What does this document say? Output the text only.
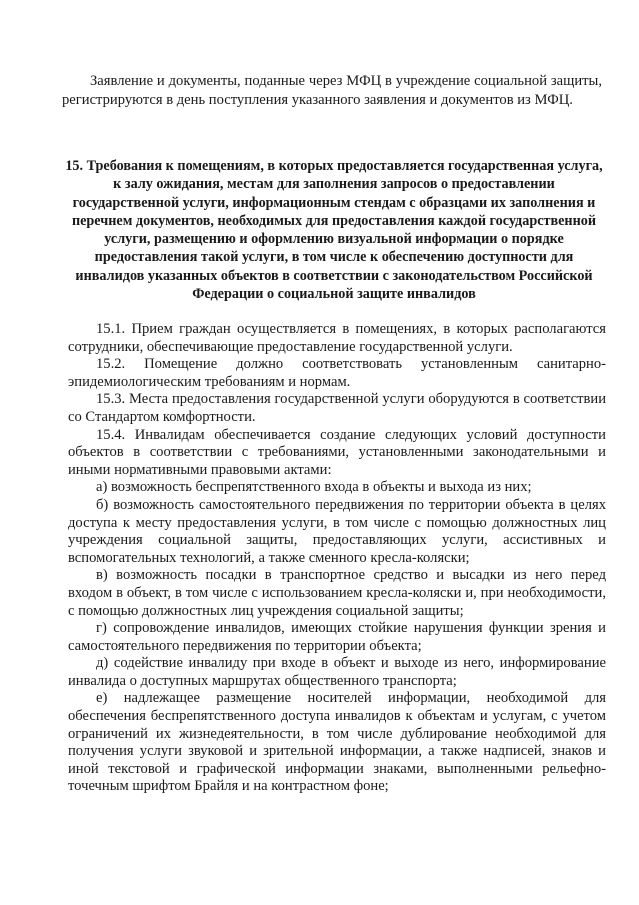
Заявление и документы, поданные через МФЦ в учреждение социальной защиты, регистрируются в день поступления указанного заявления и документов из МФЦ.

15. Требования к помещениям, в которых предоставляется государственная услуга, к залу ожидания, местам для заполнения запросов о предоставлении государственной услуги, информационным стендам с образцами их заполнения и перечнем документов, необходимых для предоставления каждой государственной услуги, размещению и оформлению визуальной информации о порядке предоставления такой услуги, в том числе к обеспечению доступности для инвалидов указанных объектов в соответствии с законодательством Российской Федерации о социальной защите инвалидов

15.1. Прием граждан осуществляется в помещениях, в которых располагаются сотрудники, обеспечивающие предоставление государственной услуги.

15.2. Помещение должно соответствовать установленным санитарно-эпидемиологическим требованиям и нормам.

15.3. Места предоставления государственной услуги оборудуются в соответствии со Стандартом комфортности.

15.4. Инвалидам обеспечивается создание следующих условий доступности объектов в соответствии с требованиями, установленными законодательными и иными нормативными правовыми актами:

а) возможность беспрепятственного входа в объекты и выхода из них;

б) возможность самостоятельного передвижения по территории объекта в целях доступа к месту предоставления услуги, в том числе с помощью должностных лиц учреждения социальной защиты, предоставляющих услуги, ассистивных и вспомогательных технологий, а также сменного кресла-коляски;

в) возможность посадки в транспортное средство и высадки из него перед входом в объект, в том числе с использованием кресла-коляски и, при необходимости, с помощью должностных лиц учреждения социальной защиты;

г) сопровождение инвалидов, имеющих стойкие нарушения функции зрения и самостоятельного передвижения по территории объекта;

д) содействие инвалиду при входе в объект и выходе из него, информирование инвалида о доступных маршрутах общественного транспорта;

е) надлежащее размещение носителей информации, необходимой для обеспечения беспрепятственного доступа инвалидов к объектам и услугам, с учетом ограничений их жизнедеятельности, в том числе дублирование необходимой для получения услуги звуковой и зрительной информации, а также надписей, знаков и иной текстовой и графической информации знаками, выполненными рельефно-точечным шрифтом Брайля и на контрастном фоне;
